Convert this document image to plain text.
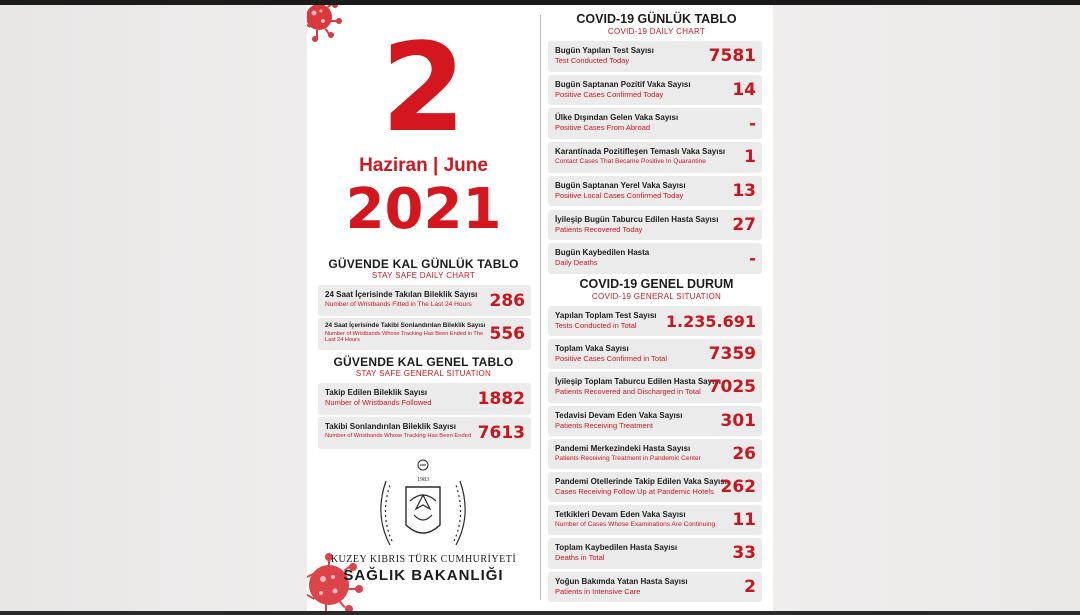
2
Haziran | June
2021
GÜVENDE KAL GÜNLÜK TABLO
STAY SAFE DAILY CHART
24 Saat İçerisinde Takılan Bileklik Sayısı
Number of Wristbands Fitted in The Last 24 Hours 286
24 Saat İçerisinde Takibi Sonlandırılan Bileklik Sayısı
Number of Wristbands Whose Tracking Has Been Ended in The Last 24 Hours	556
GÜVENDE KAL GENEL TABLO
STAY SAFE GENERAL SITUATION
Takip Edilen Bileklik Sayısı
Number of Wristbands Followed	1882
Takibi Sonlandırılan Bileklik Sayısı
Number of Wristbands Whose Tracking Has Been Ended 7613
1983
KUZEY KIBRIS TÜRK CUMHURİYETİ
SAĞLIK BAKANLIĞI
COVID-19 GÜNLÜK TABLO
COVID-19 DAILY CHART
Bugün Yapılan Test Sayısı
Test Conducted Today	7581
Bugün Saptanan Pozitif Vaka Sayısı
Positive Cases Confirmed Today	14
Ülke Dışından Gelen Vaka Sayısı
Positive Cases From Abroad	-
Karantinada Pozitifleşen Temaslı Vaka Sayısı
Contact Cases That Became Positive In Quarantine 1
Bugün Saptanan Yerel Vaka Sayısı
Positive Local Cases Confirmed Today	13
İyileşip Bugün Taburcu Edilen Hasta Sayısı
Patients Recovered Today	27
Bugün Kaybedilen Hasta
Daily Deaths	-
COVID-19 GENEL DURUM
COVID-19 GENERAL SITUATION
Yapılan Toplam Test Sayısı
Tests Conducted in Total 1.235.691
Toplam Vaka Sayısı
Positive Cases Confirmed in Total 7359
İyileşip Toplam Taburcu Edilen Hasta Sayısı
Patients Recovered and Discharged in Total 7025
Tedavisi Devam Eden Vaka Sayısı
Patients Receiving Treatment	301
Pandemi Merkezindeki Hasta Sayısı
Patients Receiving Treatment in Pandemic Center 26
Pandemi Otellerinde Takip Edilen Vaka Sayısı
Cases Receiving Follow Up at Pandemic Hotels 262
Tetkikleri Devam Eden Vaka Sayısı
Number of Cases Whose Examinations Are Continuing 11
Toplam Kaybedilen Hasta Sayısı
Deaths in Total	33
Yoğun Bakımda Yatan Hasta Sayısı
Patients in Intensive Care	2
